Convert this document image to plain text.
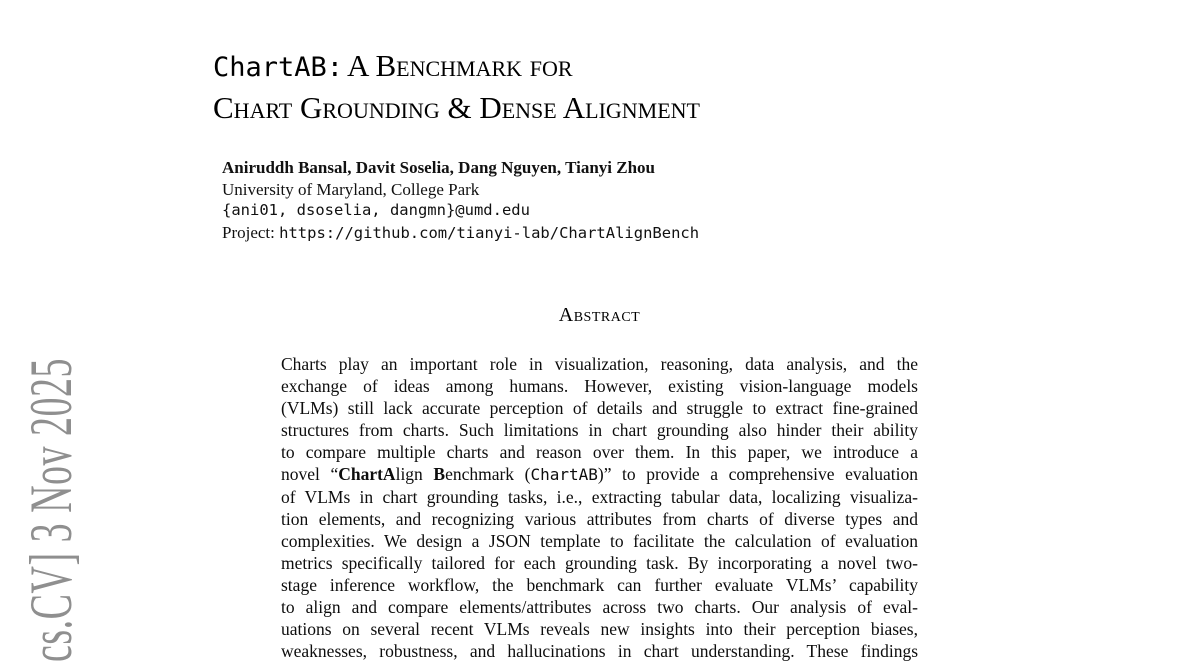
cs.CV] 3 Nov 2025
ChartAB: A Benchmark for
Chart Grounding & Dense Alignment
Aniruddh Bansal, Davit Soselia, Dang Nguyen, Tianyi Zhou
University of Maryland, College Park
{ani01, dsoselia, dangmn}@umd.edu
Project: https://github.com/tianyi-lab/ChartAlignBench
Abstract
Charts play an important role in visualization, reasoning, data analysis, and the
exchange of ideas among humans. However, existing vision-language models
(VLMs) still lack accurate perception of details and struggle to extract fine-grained
structures from charts. Such limitations in chart grounding also hinder their ability
to compare multiple charts and reason over them. In this paper, we introduce a
novel “ChartAlign Benchmark (ChartAB)” to provide a comprehensive evaluation
of VLMs in chart grounding tasks, i.e., extracting tabular data, localizing visualiza-
tion elements, and recognizing various attributes from charts of diverse types and
complexities. We design a JSON template to facilitate the calculation of evaluation
metrics specifically tailored for each grounding task. By incorporating a novel two-
stage inference workflow, the benchmark can further evaluate VLMs’ capability
to align and compare elements/attributes across two charts. Our analysis of eval-
uations on several recent VLMs reveals new insights into their perception biases,
weaknesses, robustness, and hallucinations in chart understanding. These findings
